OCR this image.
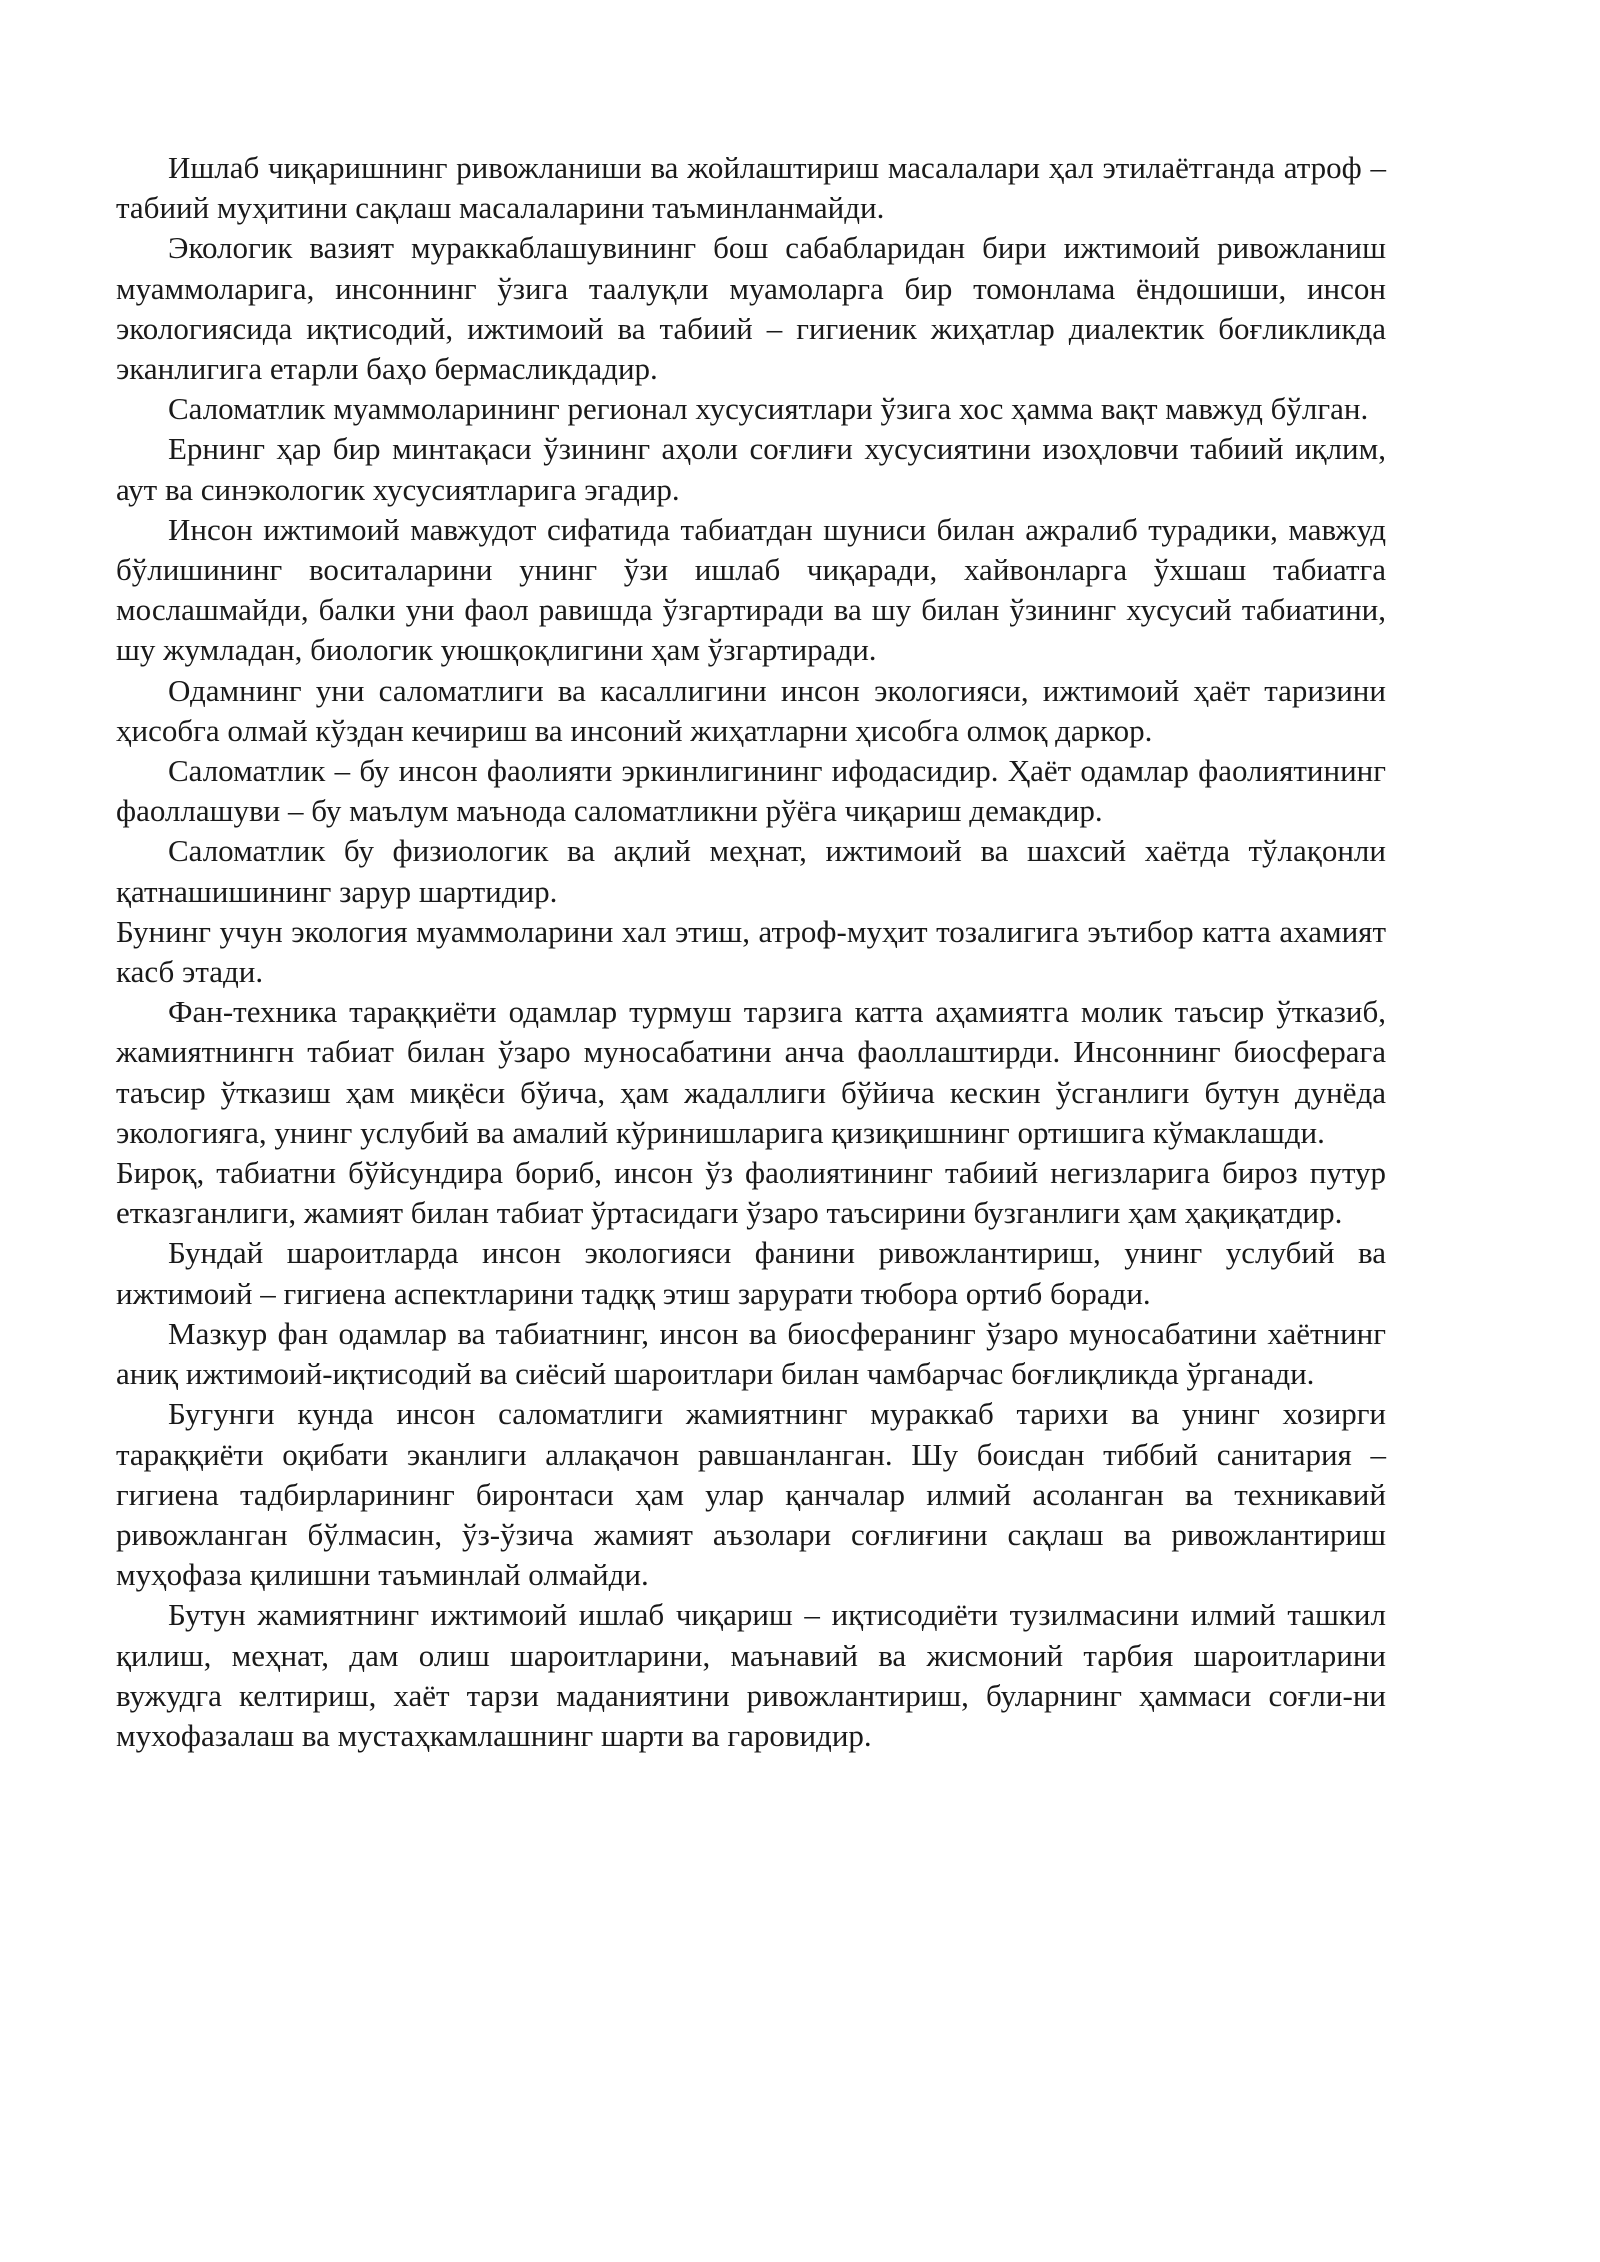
Ишлаб чиқаришнинг ривожланиши ва жойлаштириш масалалари ҳал этилаётганда атроф – табиий муҳитини сақлаш масалаларини таъминланмайди.

Экологик вазият мураккаблашувининг бош сабабларидан бири ижтимоий ривожланиш муаммоларига, инсоннинг ўзига таалуқли муамоларга бир томонлама ёндошиши, инсон экологиясида иқтисодий, ижтимоий ва табиий – гигиеник жиҳатлар диалектик боғликликда эканлигига етарли баҳо бермасликдадир.

Саломатлик муаммоларининг регионал хусусиятлари ўзига хос ҳамма вақт мавжуд бўлган.

Ернинг ҳар бир минтақаси ўзининг аҳоли соғлиғи хусусиятини изоҳловчи табиий иқлим, аут ва синэкологик хусусиятларига эгадир.

Инсон ижтимоий мавжудот сифатида табиатдан шуниси билан ажралиб турадики, мавжуд бўлишининг воситаларини унинг ўзи ишлаб чиқаради, хайвонларга ўхшаш табиатга мослашмайди, балки уни фаол равишда ўзгартиради ва шу билан ўзининг хусусий табиатини, шу жумладан, биологик уюшқоқлигини ҳам ўзгартиради.

Одамнинг уни саломатлиги ва касаллигини инсон экологияси, ижтимоий ҳаёт таризини ҳисобга олмай кўздан кечириш ва инсоний жиҳатларни ҳисобга олмоқ даркор.

Саломатлик – бу инсон фаолияти эркинлигининг ифодасидир. Ҳаёт одамлар фаолиятининг фаоллашуви – бу маълум маънода саломатликни рўёга чиқариш демакдир.

Саломатлик бу физиологик ва ақлий меҳнат, ижтимоий ва шахсий хаётда тўлақонли қатнашишининг зарур шартидир.

Бунинг учун экология муаммоларини хал этиш, атроф-муҳит тозалигига эътибор катта ахамият касб этади.

Фан-техника тараққиёти одамлар турмуш тарзига катта аҳамиятга молик таъсир ўтказиб, жамиятнингн табиат билан ўзаро муносабатини анча фаоллаштирди. Инсоннинг биосферага таъсир ўтказиш ҳам миқёси бўича, ҳам жадаллиги бўйича кескин ўсганлиги бутун дунёда экологияга, унинг услубий ва амалий кўринишларига қизиқишнинг ортишига кўмаклашди.

Бироқ, табиатни бўйсундира бориб, инсон ўз фаолиятининг табиий негизларига бироз путур етказганлиги, жамият билан табиат ўртасидаги ўзаро таъсирини бузганлиги ҳам ҳақиқатдир.

Бундай шароитларда инсон экологияси фанини ривожлантириш, унинг услубий ва ижтимоий – гигиена аспектларини тадққ этиш зарурати тюбора ортиб боради.

Мазкур фан одамлар ва табиатнинг, инсон ва биосферанинг ўзаро муносабатини хаётнинг аниқ ижтимоий-иқтисодий ва сиёсий шароитлари билан чамбарчас боғлиқликда ўрганади.

Бугунги кунда инсон саломатлиги жамиятнинг мураккаб тарихи ва унинг хозирги тараққиёти оқибати эканлиги аллақачон равшанланган. Шу боисдан тиббий санитария – гигиена тадбирларининг биронтаси ҳам улар қанчалар илмий асоланган ва техникавий ривожланган бўлмасин, ўз-ўзича жамият аъзолари соғлиғини сақлаш ва ривожлантириш муҳофаза қилишни таъминлай олмайди.

Бутун жамиятнинг ижтимоий ишлаб чиқариш – иқтисодиёти тузилмасини илмий ташкил қилиш, меҳнат, дам олиш шароитларини, маънавий ва жисмоний тарбия шароитларини вужудга келтириш, хаёт тарзи маданиятини ривожлантириш, буларнинг ҳаммаси соғли-ни мухофазалаш ва мустаҳкамлашнинг шарти ва гаровидир.
